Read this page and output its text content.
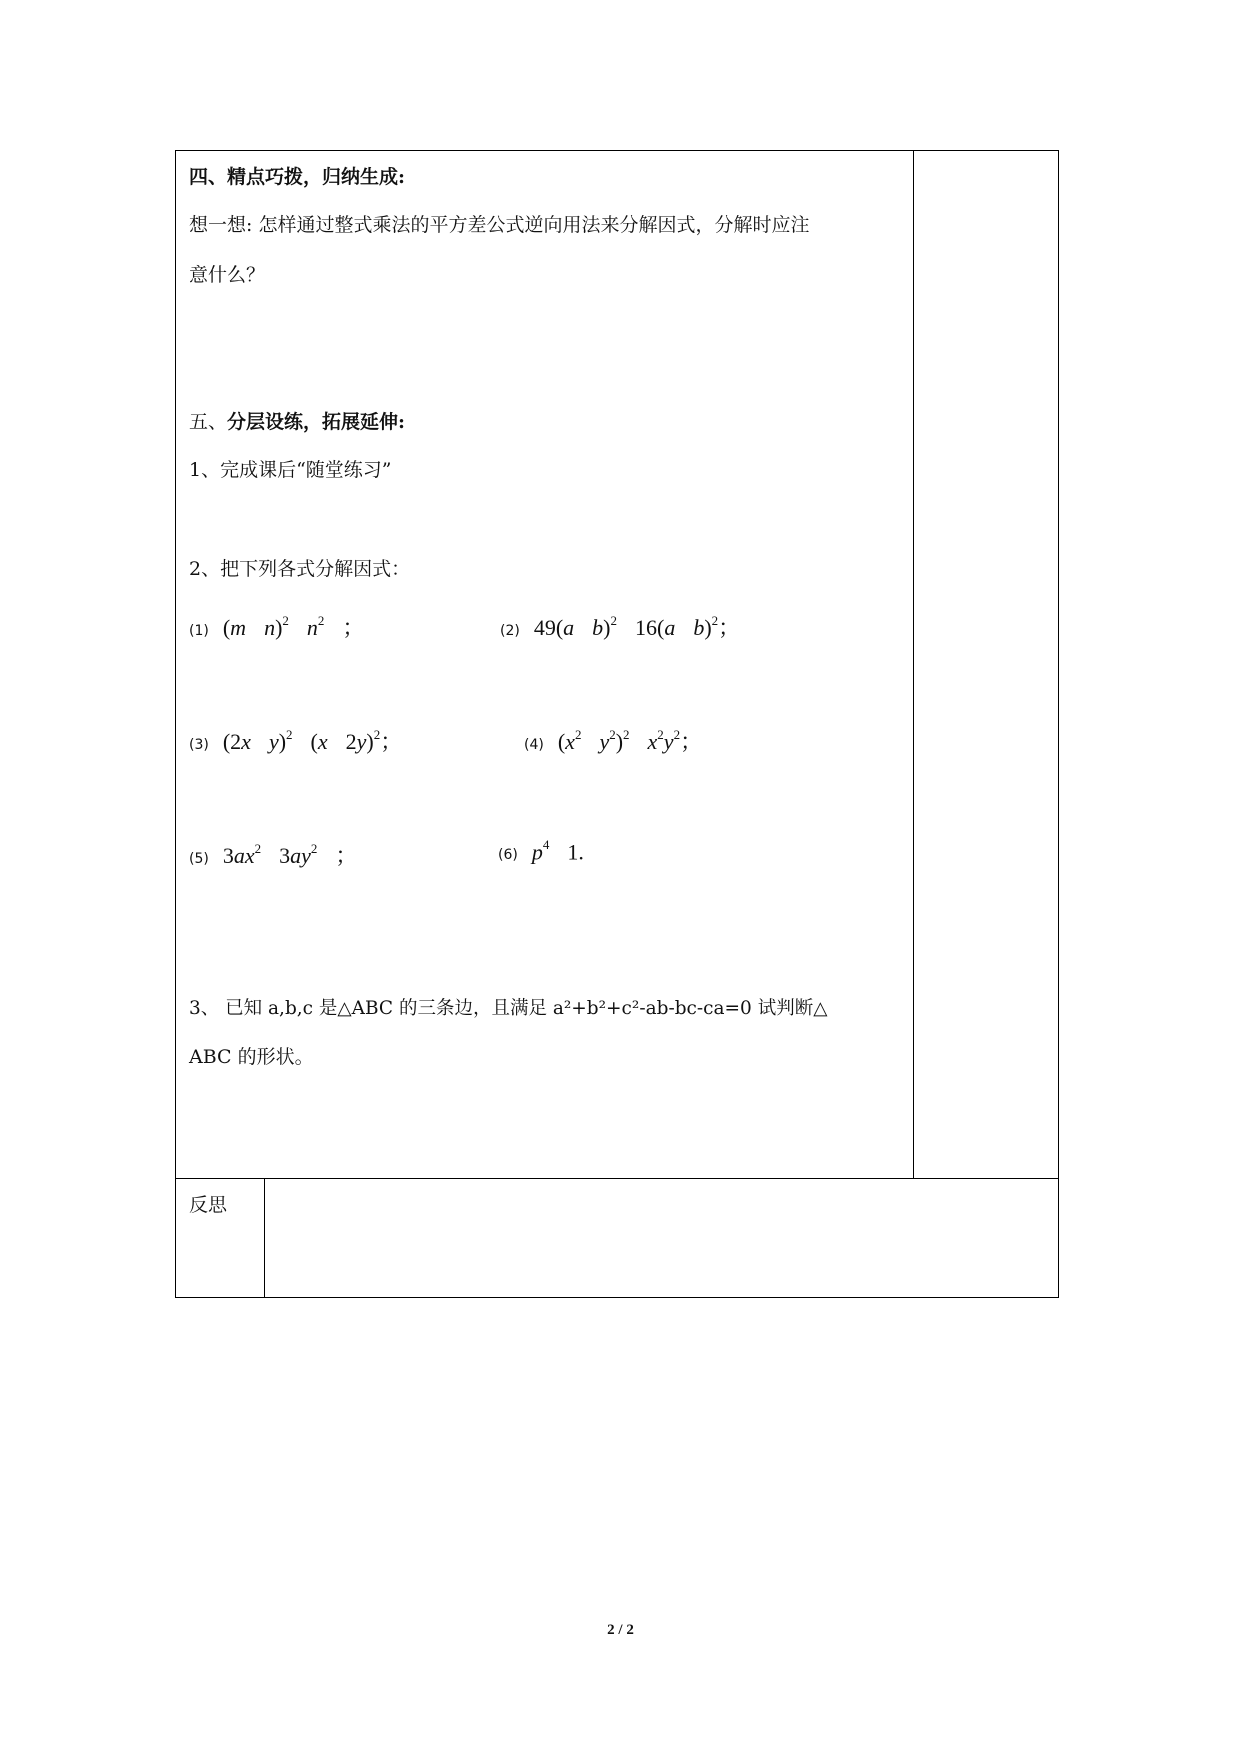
四、精点巧拨，归纳生成:
想一想: 怎样通过整式乘法的平方差公式逆向用法来分解因式，分解时应注
意什么？
五、分层设练，拓展延伸:
1、完成课后“随堂练习”
2、把下列各式分解因式：
(1) (m n)$^2$ $n^2$ ；	(2) 49(a b)$^2$ 16(a b)$^2$；
(3) (2x y)$^2$ (x 2y)$^2$；	(4) ($x^2$ $y^2)^2$ $x^2y^2$；
(5) $3ax^2$ $3ay^2$ ；	(6) $p^4$ 1.
3、 已知 a,b,c 是△ABC 的三条边，且满足 a²+b²+c²-ab-bc-ca=0 试判断△
ABC 的形状。
反思
2 / 2
